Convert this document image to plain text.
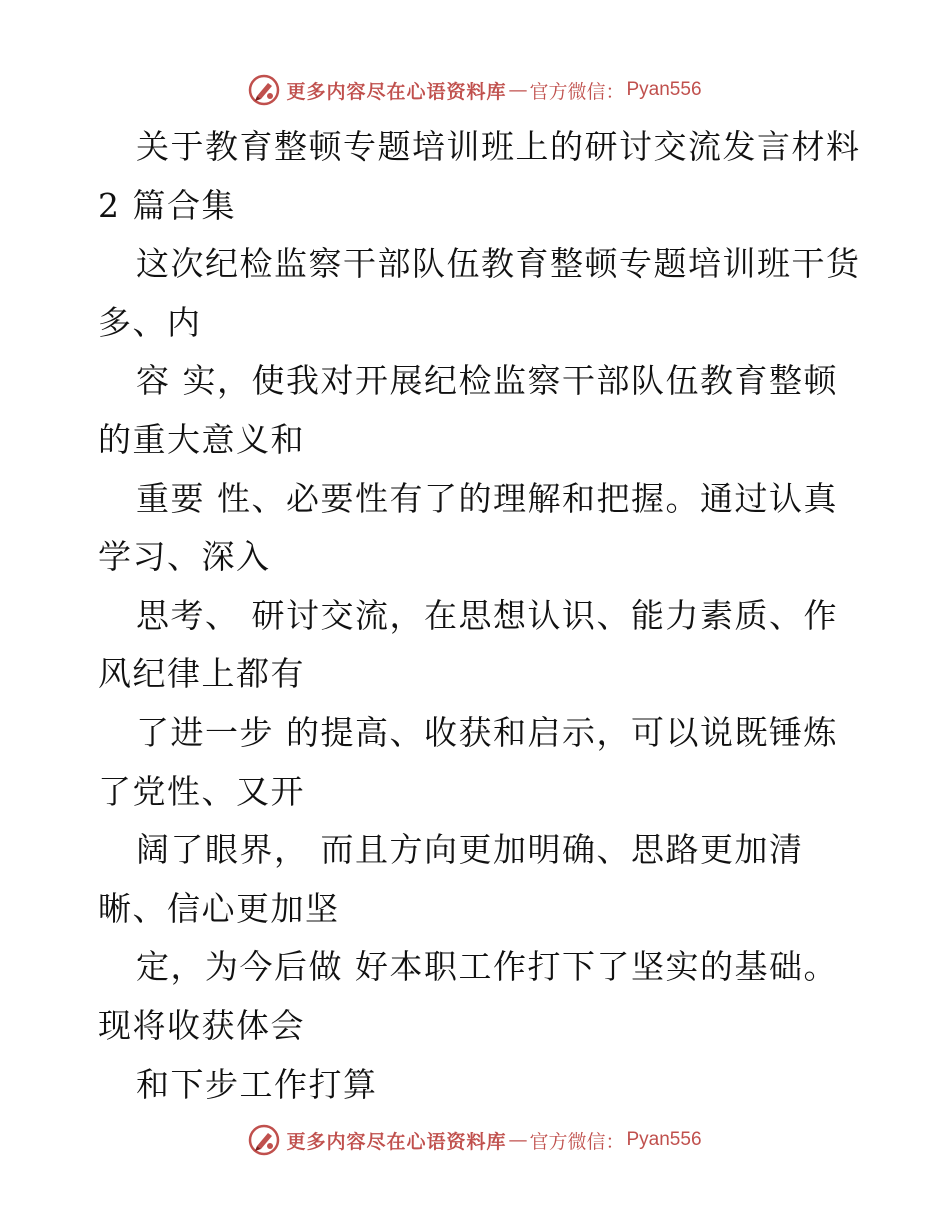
更多内容尽在心语资料库 — 官方微信： Pyan556
关于教育整顿专题培训班上的研讨交流发言材料
2 篇合集
这次纪检监察干部队伍教育整顿专题培训班干货
多、内
容 实，使我对开展纪检监察干部队伍教育整顿
的重大意义和
重要 性、必要性有了的理解和把握。通过认真
学习、深入
思考、 研讨交流，在思想认识、能力素质、作
风纪律上都有
了进一步 的提高、收获和启示，可以说既锤炼
了党性、又开
阔了眼界， 而且方向更加明确、思路更加清
晰、信心更加坚
定，为今后做 好本职工作打下了坚实的基础。
现将收获体会
和下步工作打算
更多内容尽在心语资料库 — 官方微信： Pyan556
